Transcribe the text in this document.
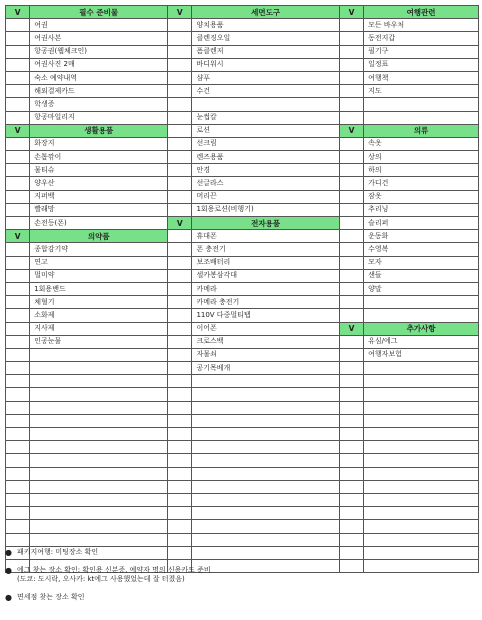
V	필수 준비물	V	세면도구	V	여행관련
	여권		양치용품		모든 바우처
	여권사본		클렌징오일		동전지갑
	항공권(웹체크인)		폼클렌저		필기구
	여권사진 2매		바디워시		일정표
	숙소 예약내역		샴푸		여행책
	해외결제카드		수건		지도
	학생증				
	항공마일리지		눈썹칼		
V	생활용품		로션	V	의류
	화장지		선크림		속옷
	손톱깎이		렌즈용품		상의
	물티슈		안경		하의
	양우산		선글라스		가디건
	지퍼백		머리끈		잠옷
	빨래망		1회용로션(비행기)		추리닝
	손전등(폰)	V	전자용품		슬리퍼
V	의약품		휴대폰		운동화
	종합감기약		폰 충전기		수영복
	연고		보조배터리		모자
	멀미약		셀카봉삼각대		샌들
	1회용밴드		카메라		양말
	체혈기		카메라 충전기		
	소화제		110V 다중멀티탭		
	지사제		이어폰	V	추가사항
	인공눈물		크로스백		유심/에그
			자물쇠		여행자보험
			공기목베개		

● 패키지여행: 미팅장소 확인
● 에그 찾는 장소 확인: 확인용 신분증, 예약자 명의 신용카드 준비
(도쿄: 도시락, 오사카: kt에그 사용했었는데 잘 터졌음)
● 면세점 찾는 장소 확인
